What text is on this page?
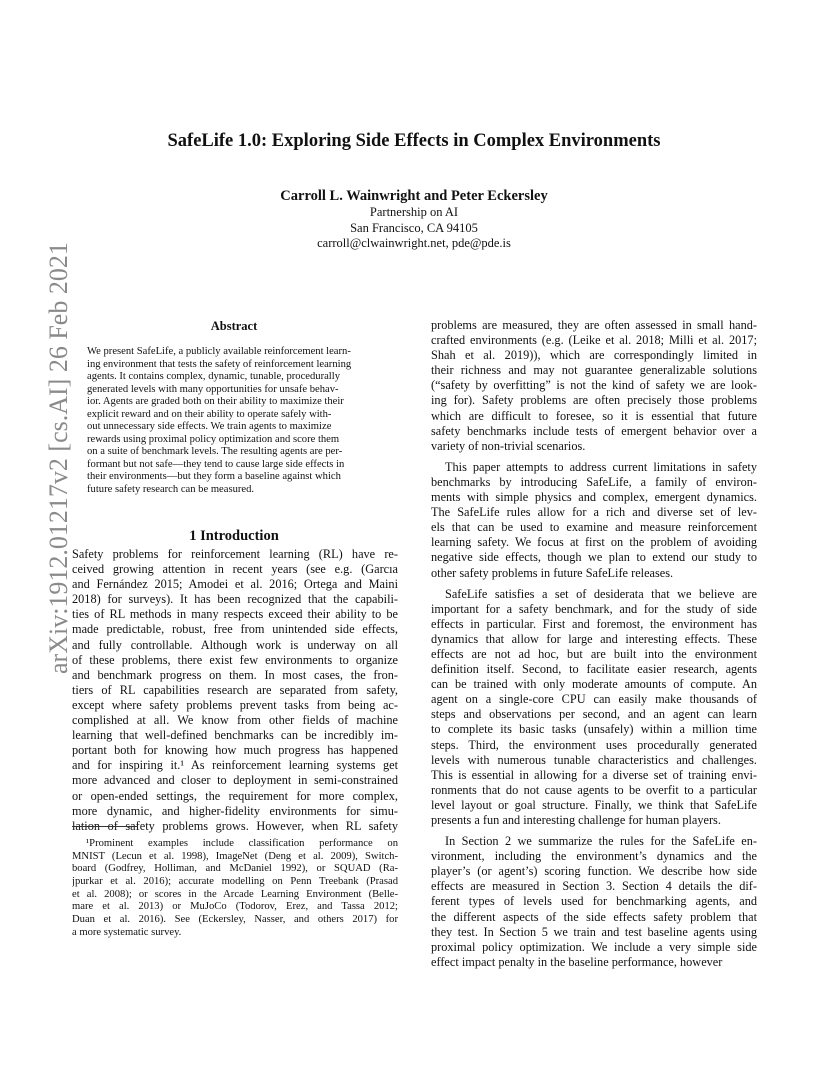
arXiv:1912.01217v2 [cs.AI] 26 Feb 2021
SafeLife 1.0: Exploring Side Effects in Complex Environments
Carroll L. Wainwright and Peter Eckersley
Partnership on AI
San Francisco, CA 94105
carroll@clwainwright.net, pde@pde.is
Abstract
We present SafeLife, a publicly available reinforcement learn-
ing environment that tests the safety of reinforcement learning
agents. It contains complex, dynamic, tunable, procedurally
generated levels with many opportunities for unsafe behav-
ior. Agents are graded both on their ability to maximize their
explicit reward and on their ability to operate safely with-
out unnecessary side effects. We train agents to maximize
rewards using proximal policy optimization and score them
on a suite of benchmark levels. The resulting agents are per-
formant but not safe—they tend to cause large side effects in
their environments—but they form a baseline against which
future safety research can be measured.
1 Introduction
Safety problems for reinforcement learning (RL) have re-
ceived growing attention in recent years (see e.g. (Garcıa
and Fernández 2015; Amodei et al. 2016; Ortega and Maini
2018) for surveys). It has been recognized that the capabili-
ties of RL methods in many respects exceed their ability to be
made predictable, robust, free from unintended side effects,
and fully controllable. Although work is underway on all
of these problems, there exist few environments to organize
and benchmark progress on them. In most cases, the fron-
tiers of RL capabilities research are separated from safety,
except where safety problems prevent tasks from being ac-
complished at all. We know from other fields of machine
learning that well-defined benchmarks can be incredibly im-
portant both for knowing how much progress has happened
and for inspiring it.¹ As reinforcement learning systems get
more advanced and closer to deployment in semi-constrained
or open-ended settings, the requirement for more complex,
more dynamic, and higher-fidelity environments for simu-
lation of safety problems grows. However, when RL safety
problems are measured, they are often assessed in small hand-
crafted environments (e.g. (Leike et al. 2018; Milli et al. 2017;
Shah et al. 2019)), which are correspondingly limited in
their richness and may not guarantee generalizable solutions
(“safety by overfitting” is not the kind of safety we are look-
ing for). Safety problems are often precisely those problems
which are difficult to foresee, so it is essential that future
safety benchmarks include tests of emergent behavior over a
variety of non-trivial scenarios.
This paper attempts to address current limitations in safety
benchmarks by introducing SafeLife, a family of environ-
ments with simple physics and complex, emergent dynamics.
The SafeLife rules allow for a rich and diverse set of lev-
els that can be used to examine and measure reinforcement
learning safety. We focus at first on the problem of avoiding
negative side effects, though we plan to extend our study to
other safety problems in future SafeLife releases.
SafeLife satisfies a set of desiderata that we believe are
important for a safety benchmark, and for the study of side
effects in particular. First and foremost, the environment has
dynamics that allow for large and interesting effects. These
effects are not ad hoc, but are built into the environment
definition itself. Second, to facilitate easier research, agents
can be trained with only moderate amounts of compute. An
agent on a single-core CPU can easily make thousands of
steps and observations per second, and an agent can learn
to complete its basic tasks (unsafely) within a million time
steps. Third, the environment uses procedurally generated
levels with numerous tunable characteristics and challenges.
This is essential in allowing for a diverse set of training envi-
ronments that do not cause agents to be overfit to a particular
level layout or goal structure. Finally, we think that SafeLife
presents a fun and interesting challenge for human players.
In Section 2 we summarize the rules for the SafeLife en-
vironment, including the environment’s dynamics and the
player’s (or agent’s) scoring function. We describe how side
effects are measured in Section 3. Section 4 details the dif-
ferent types of levels used for benchmarking agents, and
the different aspects of the side effects safety problem that
they test. In Section 5 we train and test baseline agents using
proximal policy optimization. We include a very simple side
effect impact penalty in the baseline performance, however
¹Prominent examples include classification performance on
MNIST (Lecun et al. 1998), ImageNet (Deng et al. 2009), Switch-
board (Godfrey, Holliman, and McDaniel 1992), or SQUAD (Ra-
jpurkar et al. 2016); accurate modelling on Penn Treebank (Prasad
et al. 2008); or scores in the Arcade Learning Environment (Belle-
mare et al. 2013) or MuJoCo (Todorov, Erez, and Tassa 2012;
Duan et al. 2016). See (Eckersley, Nasser, and others 2017) for
a more systematic survey.
